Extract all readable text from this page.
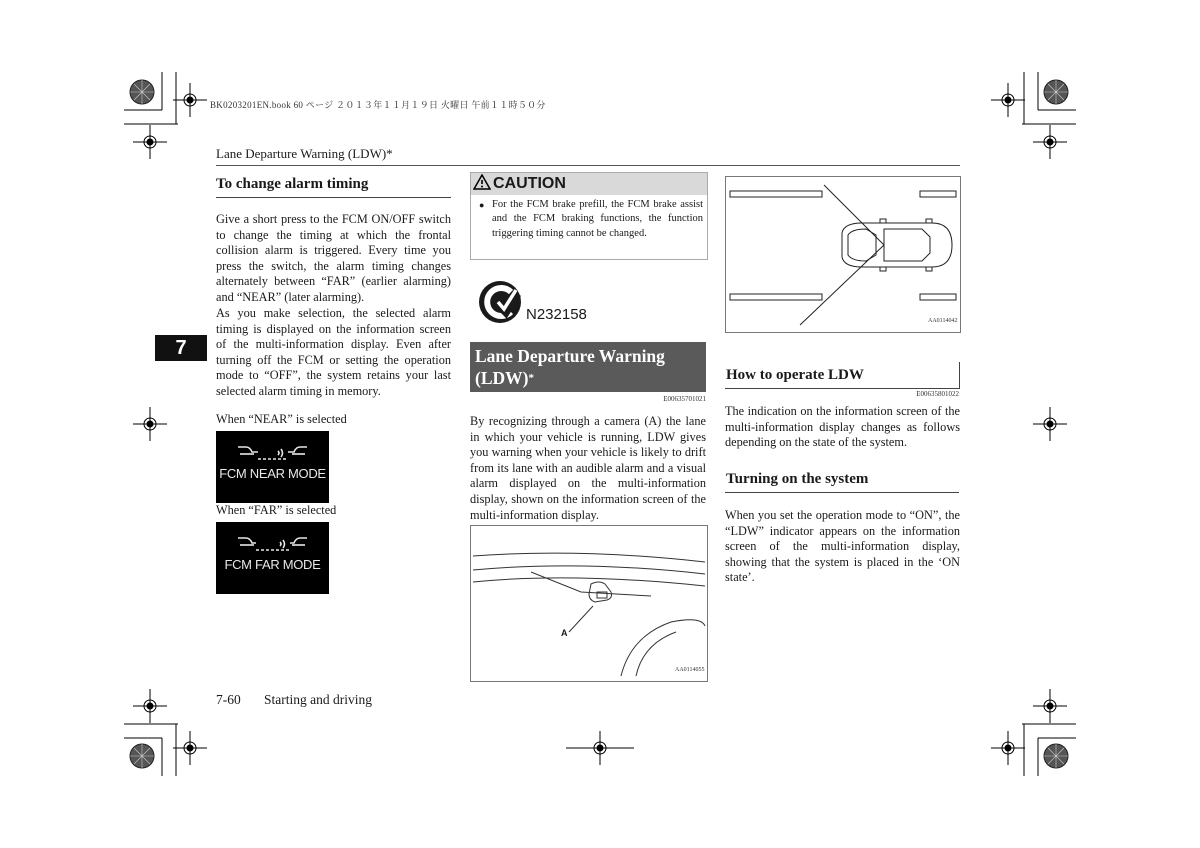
BK0203201EN.book 60 ページ ２０１３年１１月１９日 火曜日 午前１１時５０分
Lane Departure Warning (LDW)*
7
To change alarm timing
Give a short press to the FCM ON/OFF switch to change the timing at which the frontal collision alarm is triggered. Every time you press the switch, the alarm timing changes alternately between “FAR” (earlier alarming) and “NEAR” (later alarming).
As you make selection, the selected alarm timing is displayed on the information screen of the multi-information display. Even after turning off the FCM or setting the operation mode to “OFF”, the system retains your last selected alarm timing in memory.
When “NEAR” is selected
FCM NEAR MODE
When “FAR” is selected
FCM FAR MODE
CAUTION
● For the FCM brake prefill, the FCM brake assist and the FCM braking functions, the function triggering timing cannot be changed.
N232158
Lane Departure Warning
(LDW)*
E00635701021
By recognizing through a camera (A) the lane in which your vehicle is running, LDW gives you warning when your vehicle is likely to drift from its lane with an audible alarm and a visual alarm displayed on the multi-information display, shown on the information screen of the multi-information display.
A
AA0114055
AA0114042
How to operate LDW
E00635801022
The indication on the information screen of the multi-information display changes as follows depending on the state of the system.
Turning on the system
When you set the operation mode to “ON”, the “LDW” indicator appears on the information screen of the multi-information display, showing that the system is placed in the ‘ON state’.
7-60 Starting and driving
